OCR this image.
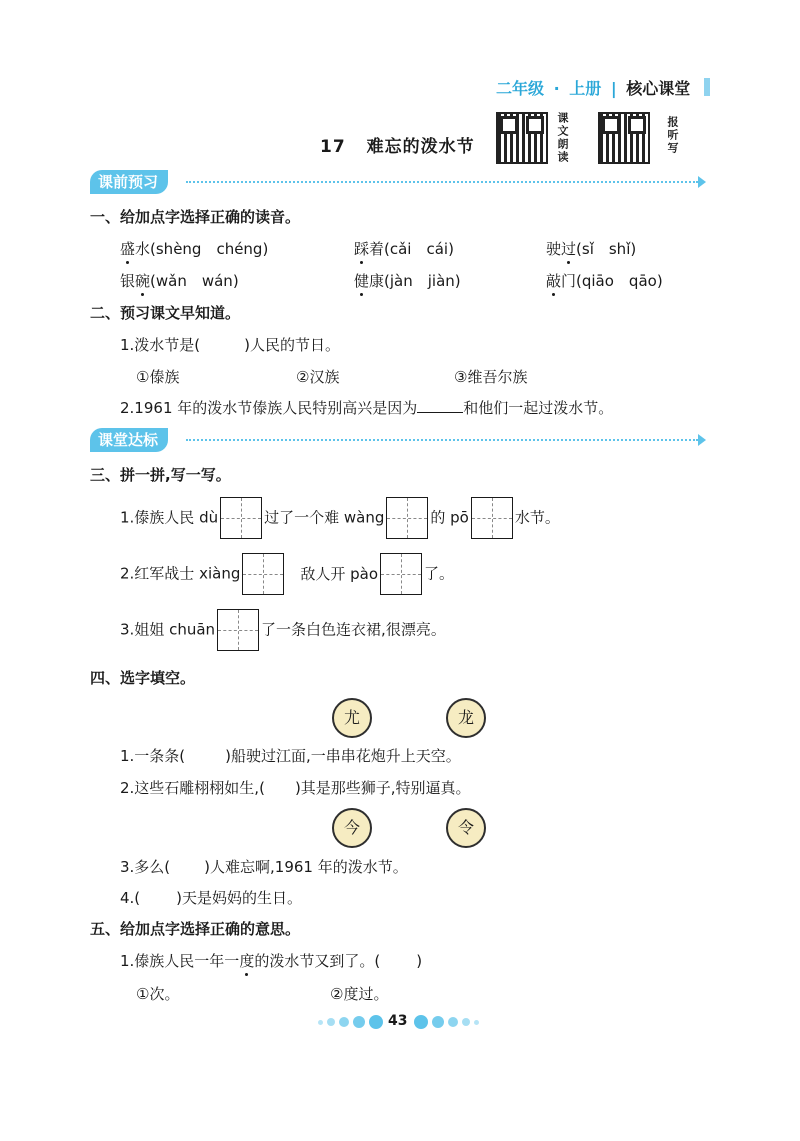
二年级 · 上册 | 核心课堂
17 难忘的泼水节	课文朗读	报听写
课前预习
一、给加点字选择正确的读音。
盛水(shèng　chéng)	踩着(cǎi　cái)	驶过(sǐ　shǐ)
银碗(wǎn　wán)	健康(jàn　jiàn)	敲门(qiāo　qāo)
二、预习课文早知道。
1.泼水节是(	)人民的节日。
①傣族	②汉族	③维吾尔族
2.1961 年的泼水节傣族人民特别高兴是因为	和他们一起过泼水节。
课堂达标
三、拼一拼,写一写。
1.傣族人民 dù	过了一个难 wàng	的 pō	水节。
2.红军战士 xiàng	敌人开 pào	了。
3.姐姐 chuān	了一条白色连衣裙,很漂亮。
四、选字填空。
尤	龙
1.一条条(	)船驶过江面,一串串花炮升上天空。
2.这些石雕栩栩如生,( )其是那些狮子,特别逼真。
今	令
3.多么( )人难忘啊,1961 年的泼水节。
4.( )天是妈妈的生日。
五、给加点字选择正确的意思。
1.傣族人民一年一度的泼水节又到了。( )
①次。	②度过。
43
